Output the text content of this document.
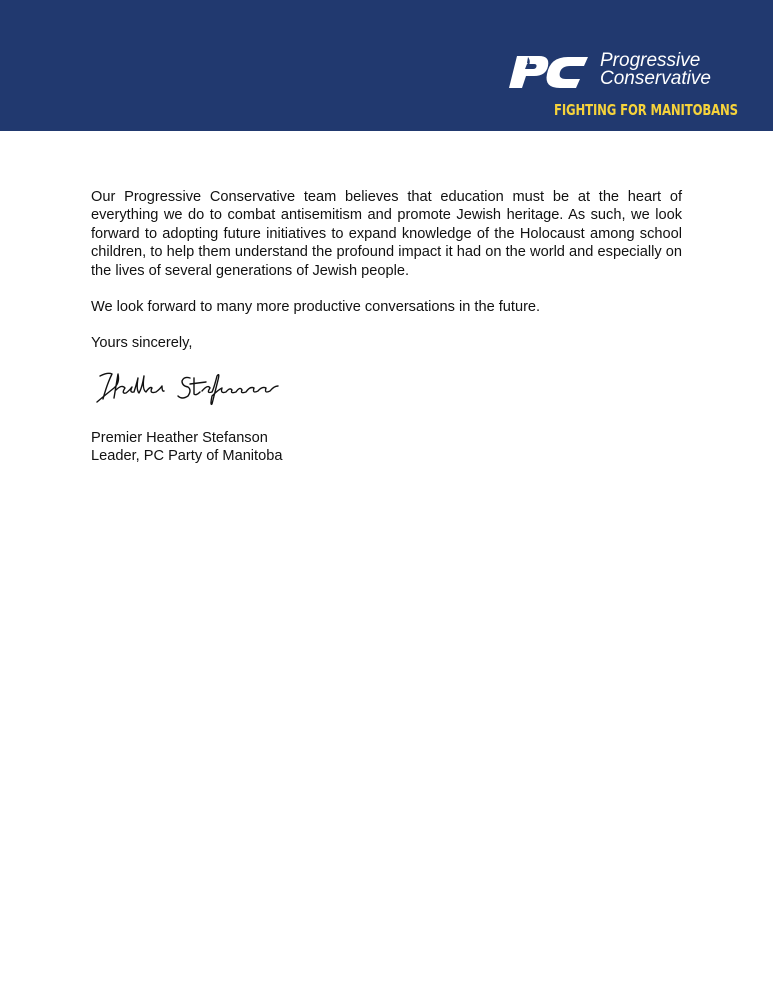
Progressive
Conservative
FIGHTING FOR MANITOBANS

Our Progressive Conservative team believes that education must be at the heart of everything we do to combat antisemitism and promote Jewish heritage. As such, we look forward to adopting future initiatives to expand knowledge of the Holocaust among school children, to help them understand the profound impact it had on the world and especially on the lives of several generations of Jewish people.

We look forward to many more productive conversations in the future.

Yours sincerely,

Premier Heather Stefanson
Leader, PC Party of Manitoba
